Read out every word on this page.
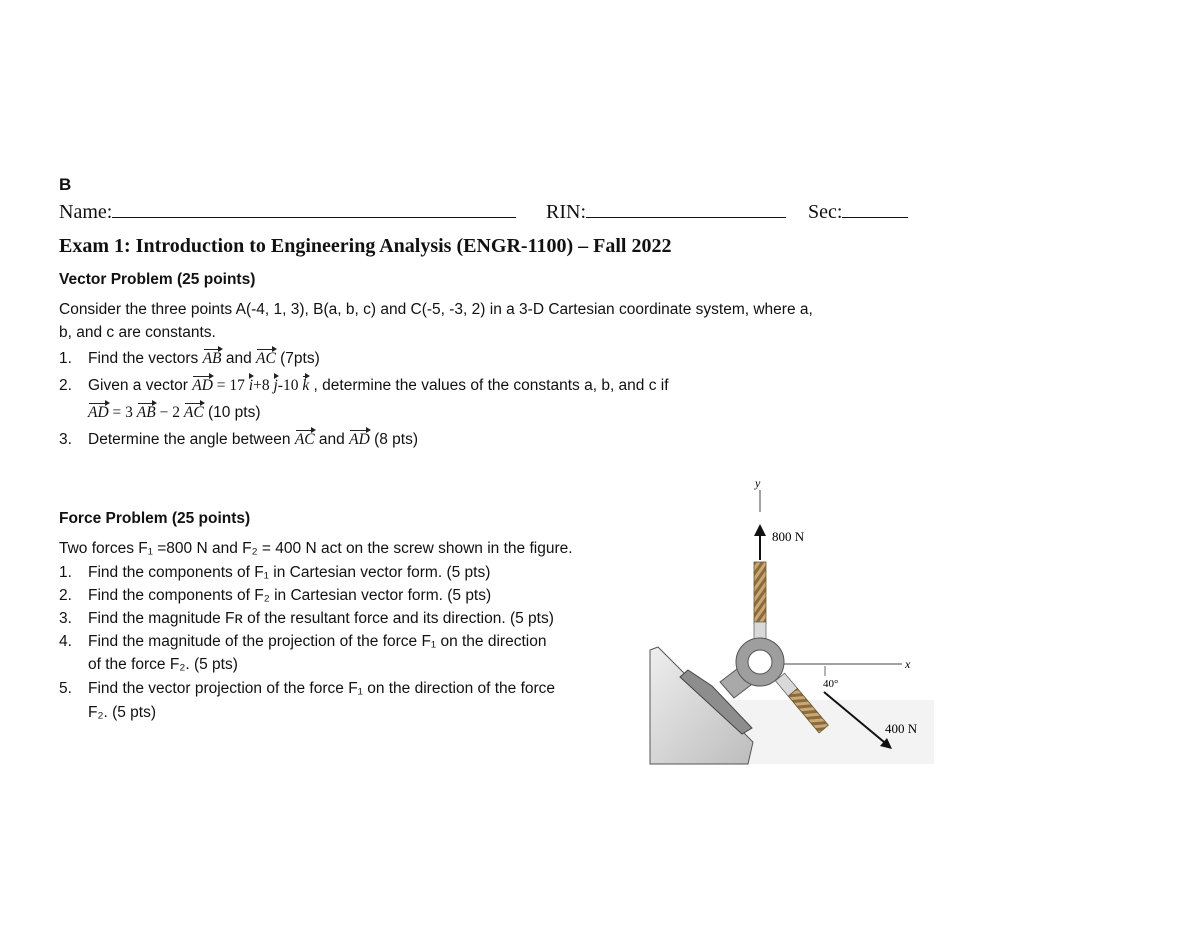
B
Name:	RIN:	Sec:
Exam 1: Introduction to Engineering Analysis (ENGR-1100) – Fall 2022
Vector Problem (25 points)
Consider the three points A(-4, 1, 3), B(a, b, c) and C(-5, -3, 2) in a 3-D Cartesian coordinate system, where a,
b, and c are constants.
1. Find the vectors AB and AC (7pts)
2. Given a vector AD = 17 i+8 j-10 k , determine the values of the constants a, b, and c if
AD = 3 AB − 2 AC (10 pts)
3. Determine the angle between AC and AD (8 pts)
Force Problem (25 points)
Two forces F₁ =800 N and F₂ = 400 N act on the screw shown in the figure.
1. Find the components of F₁ in Cartesian vector form. (5 pts)
2. Find the components of F₂ in Cartesian vector form. (5 pts)
3. Find the magnitude Fʀ of the resultant force and its direction. (5 pts)
4. Find the magnitude of the projection of the force F₁ on the direction
of the force F₂. (5 pts)
5. Find the vector projection of the force F₁ on the direction of the force
F₂. (5 pts)
y
800 N
x
400 N
40°
